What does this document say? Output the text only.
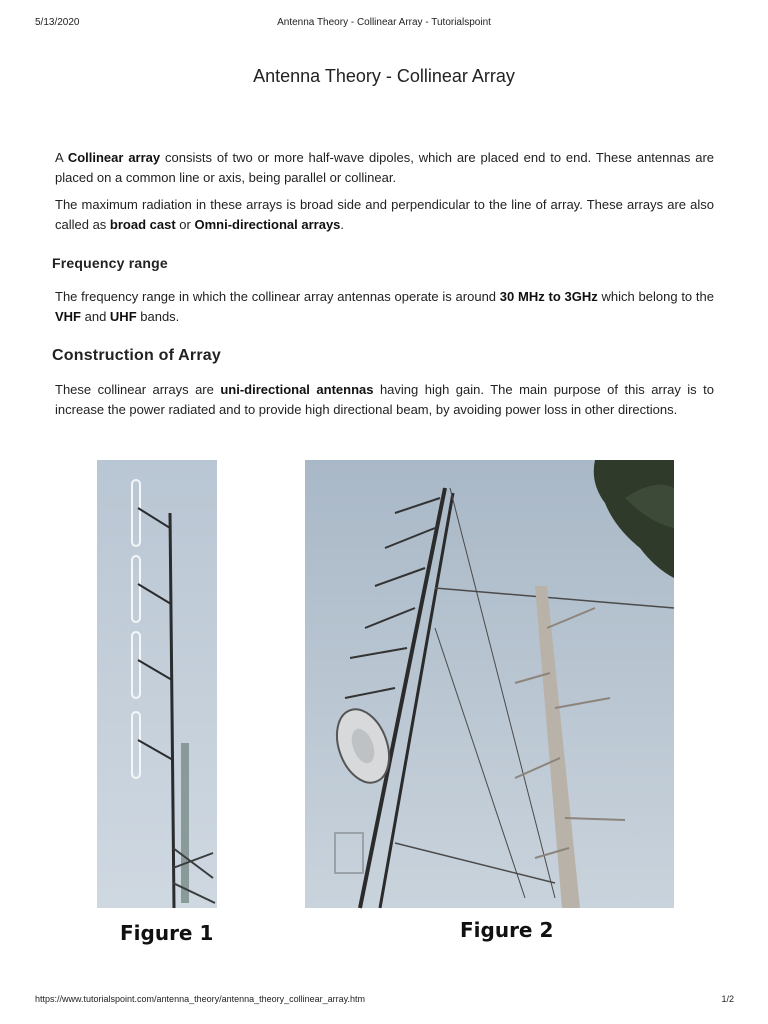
5/13/2020	Antenna Theory - Collinear Array - Tutorialspoint
Antenna Theory - Collinear Array
A Collinear array consists of two or more half-wave dipoles, which are placed end to end. These antennas are placed on a common line or axis, being parallel or collinear.
The maximum radiation in these arrays is broad side and perpendicular to the line of array. These arrays are also called as broad cast or Omni-directional arrays.
Frequency range
The frequency range in which the collinear array antennas operate is around 30 MHz to 3GHz which belong to the VHF and UHF bands.
Construction of Array
These collinear arrays are uni-directional antennas having high gain. The main purpose of this array is to increase the power radiated and to provide high directional beam, by avoiding power loss in other directions.
Figure 1	Figure 2
https://www.tutorialspoint.com/antenna_theory/antenna_theory_collinear_array.htm	1/2
